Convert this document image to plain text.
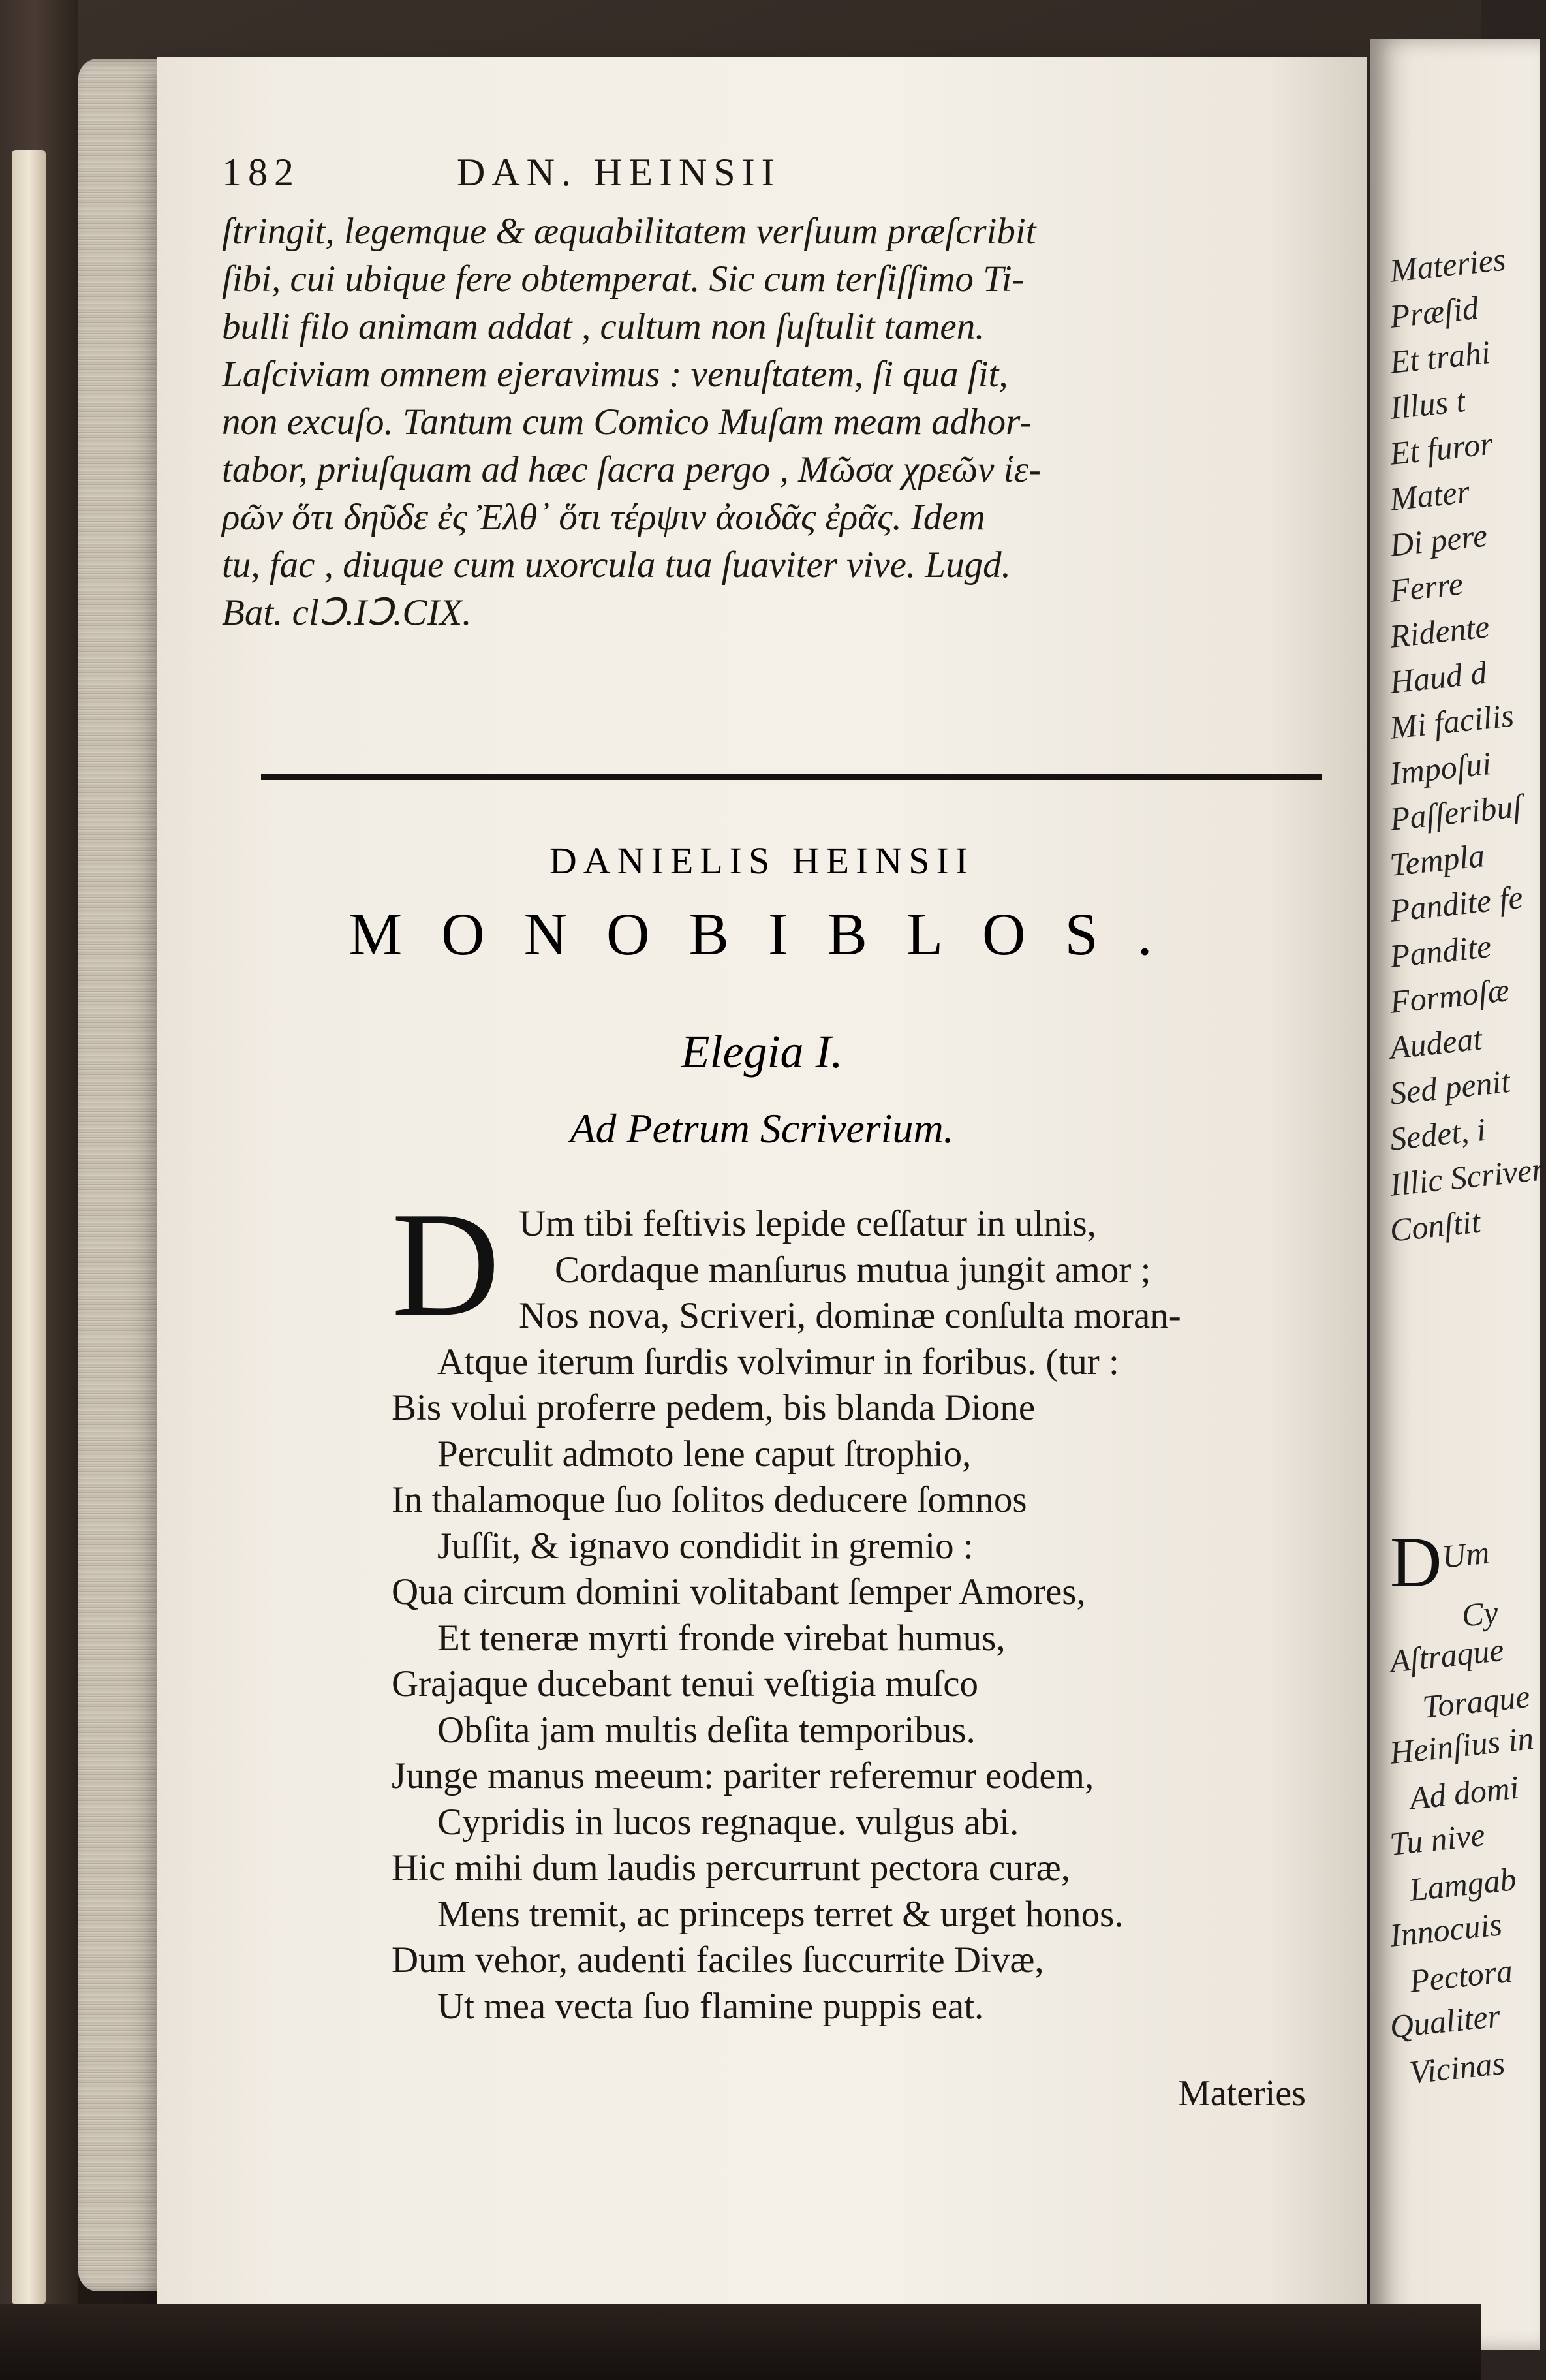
182	DAN. HEINSII
ſtringit, legemque & æquabilitatem verſuum præſcribit
ſibi, cui ubique fere obtemperat. Sic cum terſiſſimo Ti-
bulli filo animam addat , cultum non ſuſtulit tamen.
Laſciviam omnem ejeravimus : venuſtatem, ſi qua ſit,
non excuſo. Tantum cum Comico Muſam meam adhor-
tabor, priuſquam ad hæc ſacra pergo , Μῶσα χρεῶν ἱε-
ρῶν ὅτι δηῦδε ἐς Ἐλθ᾽ ὅτι τέρψιν ἀοιδᾶς ἐρᾶς. Idem
tu, fac , diuque cum uxorcula tua ſuaviter vive. Lugd.
Bat. clↃ.IↃ.CIX.
DANIELIS HEINSII
MONOBIBLOS.
Elegia I.
Ad Petrum Scriverium.
D Um tibi feſtivis lepide ceſſatur in ulnis,
Cordaque manſurus mutua jungit amor ;
Nos nova, Scriveri, dominæ conſulta moran-
Atque iterum ſurdis volvimur in foribus. (tur :
Bis volui proferre pedem, bis blanda Dione
Perculit admoto lene caput ſtrophio,
In thalamoque ſuo ſolitos deducere ſomnos
Juſſit, & ignavo condidit in gremio :
Qua circum domini volitabant ſemper Amores,
Et teneræ myrti fronde virebat humus,
Grajaque ducebant tenui veſtigia muſco
Obſita jam multis deſita temporibus.
Junge manus meeum: pariter referemur eodem,
Cypridis in lucos regnaque. vulgus abi.
Hic mihi dum laudis percurrunt pectora curæ,
Mens tremit, ac princeps terret & urget honos.
Dum vehor, audenti faciles ſuccurrite Divæ,
Ut mea vecta ſuo flamine puppis eat.
Materies
Materies
Præſid
Et trahi
Illus t
Et furor
Mater
Di pere
Ferre
Ridente
Haud d
Mi facilis
Impoſui
Paſſeribuſ
Templa
Pandite fe
Pandite
Formoſæ
Audeat
Sed penit
Sedet, i
Illic Scriver
Conſtit
D
Um
Cy
Aſtraque
Toraque
Heinſius in
Ad domi
Tu nive
Lamgab
Innocuis
Pectora
Qualiter
Vicinas
